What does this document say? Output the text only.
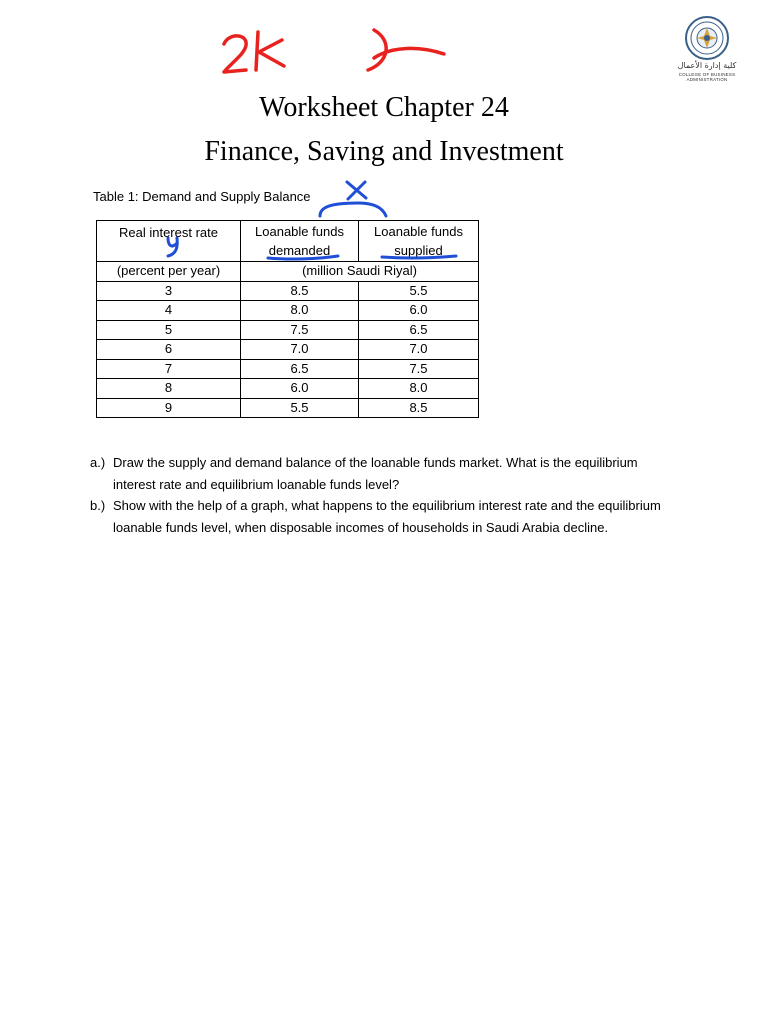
كلية إدارة الأعمال
COLLEGE OF BUSINESS ADMINISTRATION
Worksheet Chapter 24
Finance, Saving and Investment
Table 1: Demand and Supply Balance
Real interest rate	Loanable funds demanded	Loanable funds supplied
(percent per year)	(million Saudi Riyal)	
3	8.5	5.5
4	8.0	6.0
5	7.5	6.5
6	7.0	7.0
7	6.5	7.5
8	6.0	8.0
9	5.5	8.5
a.) Draw the supply and demand balance of the loanable funds market. What is the equilibrium interest rate and equilibrium loanable funds level?
b.) Show with the help of a graph, what happens to the equilibrium interest rate and the equilibrium loanable funds level, when disposable incomes of households in Saudi Arabia decline.
